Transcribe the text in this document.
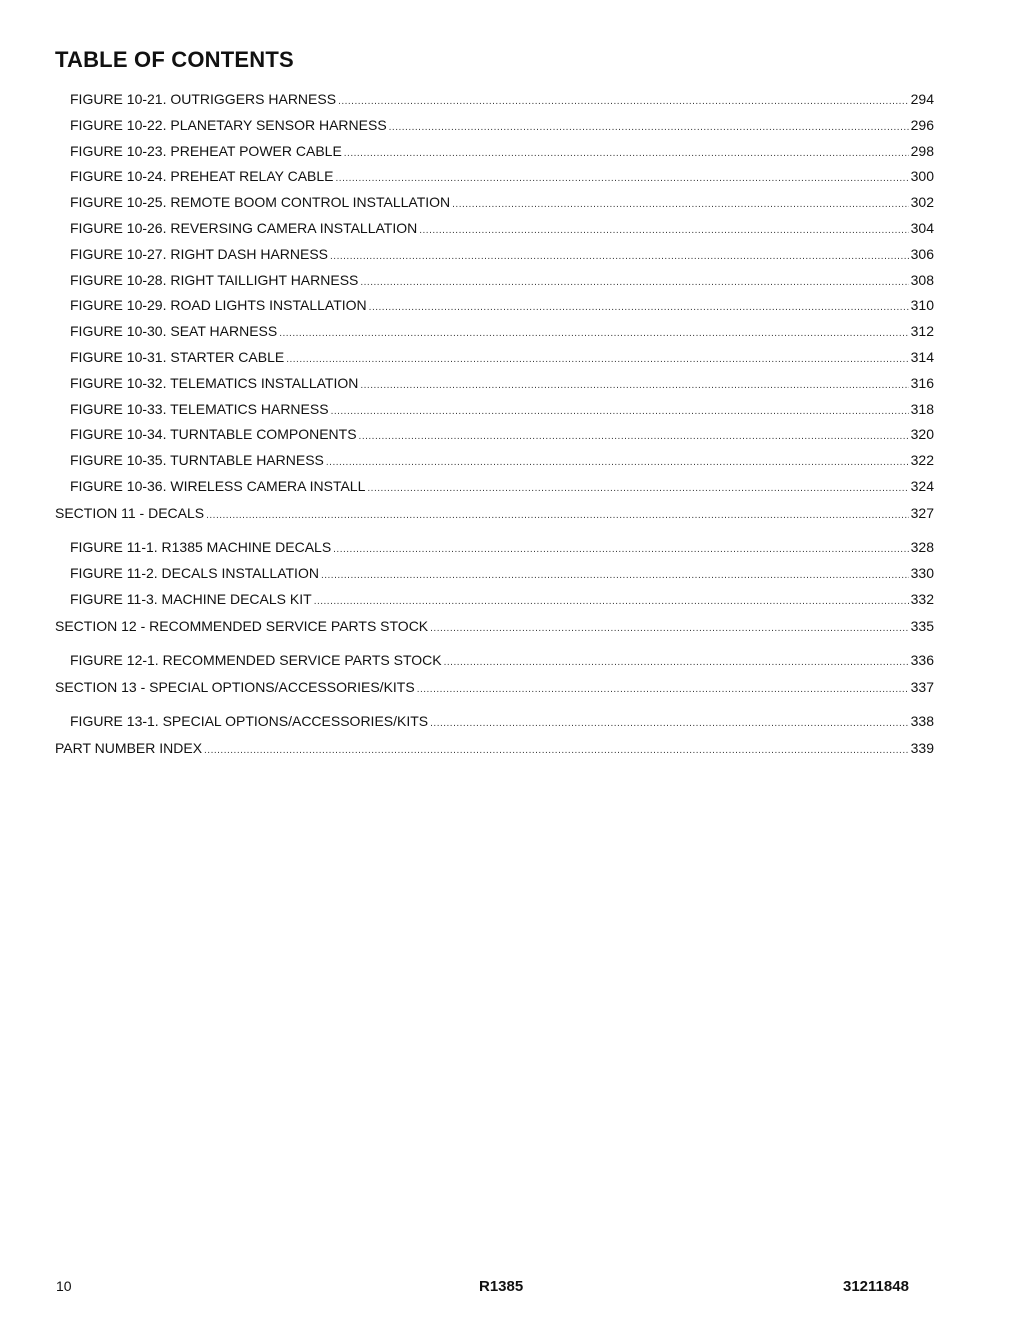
TABLE OF CONTENTS
FIGURE 10-21. OUTRIGGERS HARNESS .....	294
FIGURE 10-22. PLANETARY SENSOR HARNESS .....	296
FIGURE 10-23. PREHEAT POWER CABLE .....	298
FIGURE 10-24. PREHEAT RELAY CABLE .....	300
FIGURE 10-25. REMOTE BOOM CONTROL INSTALLATION .....	302
FIGURE 10-26. REVERSING CAMERA INSTALLATION .....	304
FIGURE 10-27. RIGHT DASH HARNESS .....	306
FIGURE 10-28. RIGHT TAILLIGHT HARNESS .....	308
FIGURE 10-29. ROAD LIGHTS INSTALLATION .....	310
FIGURE 10-30. SEAT HARNESS .....	312
FIGURE 10-31. STARTER CABLE .....	314
FIGURE 10-32. TELEMATICS INSTALLATION .....	316
FIGURE 10-33. TELEMATICS HARNESS .....	318
FIGURE 10-34. TURNTABLE COMPONENTS .....	320
FIGURE 10-35. TURNTABLE HARNESS .....	322
FIGURE 10-36. WIRELESS CAMERA INSTALL .....	324
SECTION 11 - DECALS .....	327
FIGURE 11-1. R1385 MACHINE DECALS .....	328
FIGURE 11-2. DECALS INSTALLATION .....	330
FIGURE 11-3. MACHINE DECALS KIT .....	332
SECTION 12 - RECOMMENDED SERVICE PARTS STOCK .....	335
FIGURE 12-1. RECOMMENDED SERVICE PARTS STOCK .....	336
SECTION 13 - SPECIAL OPTIONS/ACCESSORIES/KITS .....	337
FIGURE 13-1. SPECIAL OPTIONS/ACCESSORIES/KITS .....	338
PART NUMBER INDEX .....	339
10	R1385	31211848
